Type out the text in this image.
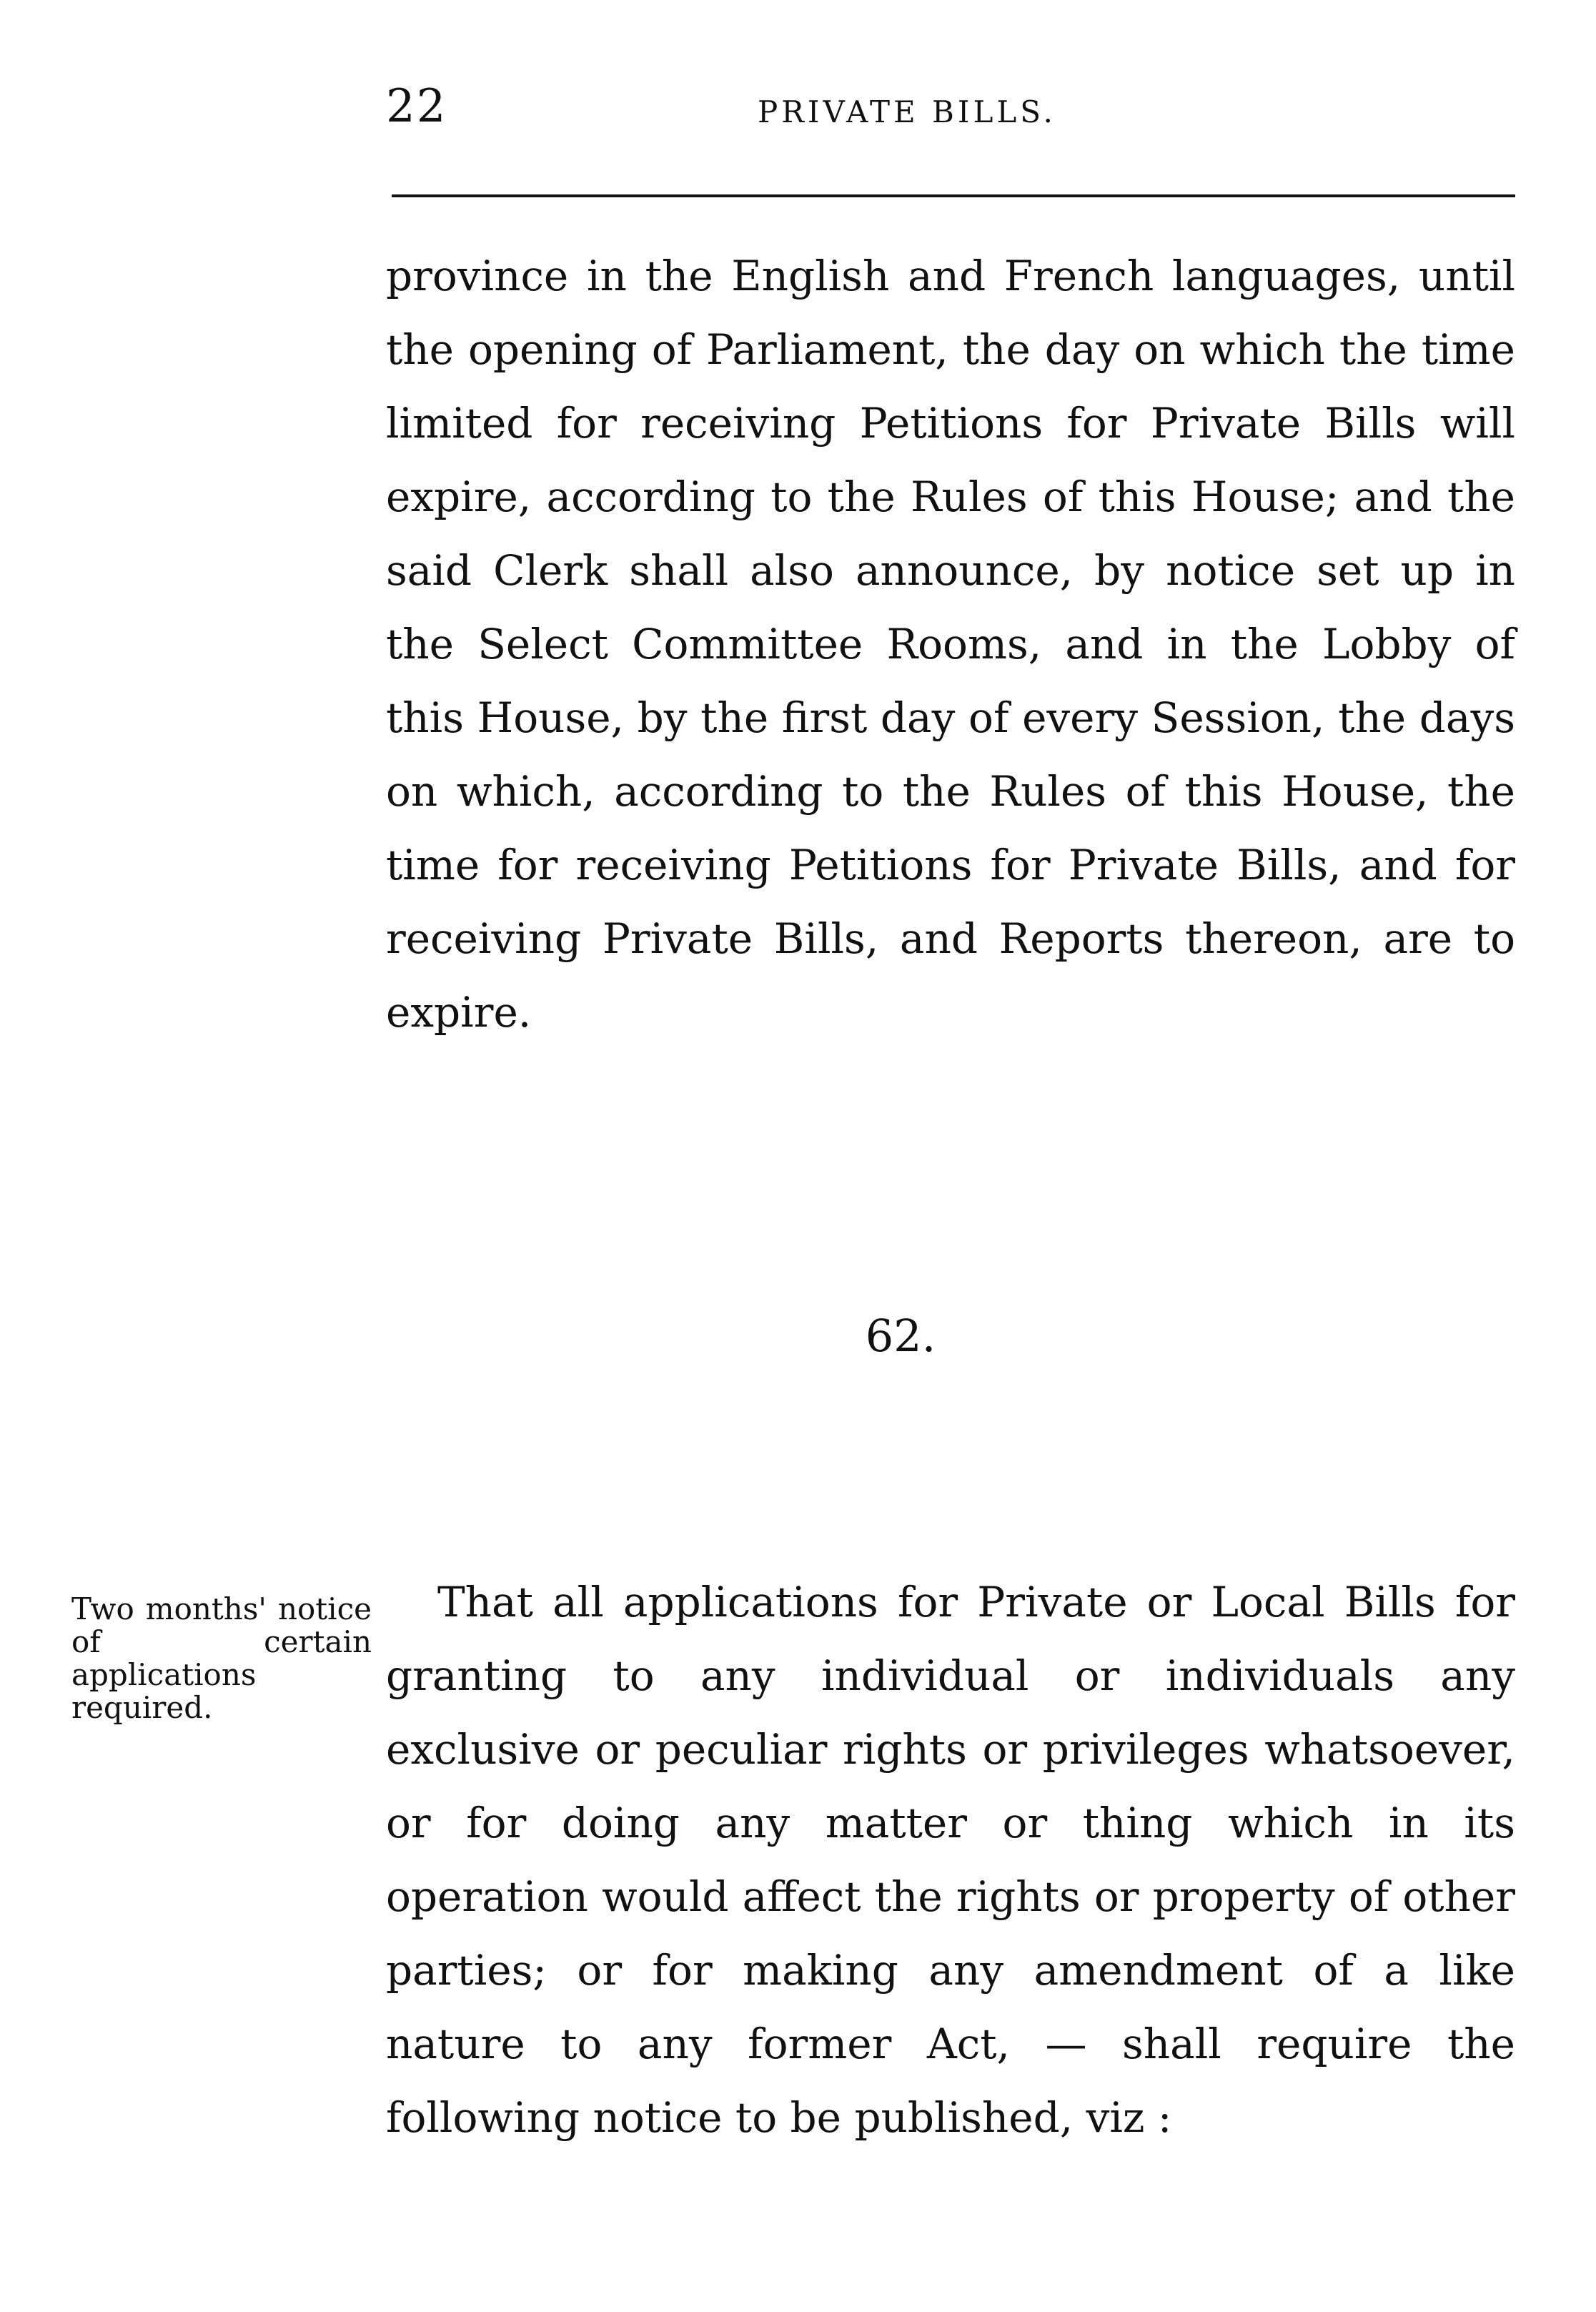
22	PRIVATE BILLS.

province in the English and French languages, until the opening of Parliament, the day on which the time limited for receiving Petitions for Private Bills will expire, according to the Rules of this House; and the said Clerk shall also announce, by notice set up in the Select Committee Rooms, and in the Lobby of this House, by the first day of every Session, the days on which, according to the Rules of this House, the time for receiving Petitions for Private Bills, and for receiving Private Bills, and Reports thereon, are to expire.

62.

Two months' notice of certain applications required.

That all applications for Private or Local Bills for granting to any individual or individuals any exclusive or peculiar rights or privileges whatsoever, or for doing any matter or thing which in its operation would affect the rights or property of other parties; or for making any amendment of a like nature to any former Act, — shall require the following notice to be published, viz :
